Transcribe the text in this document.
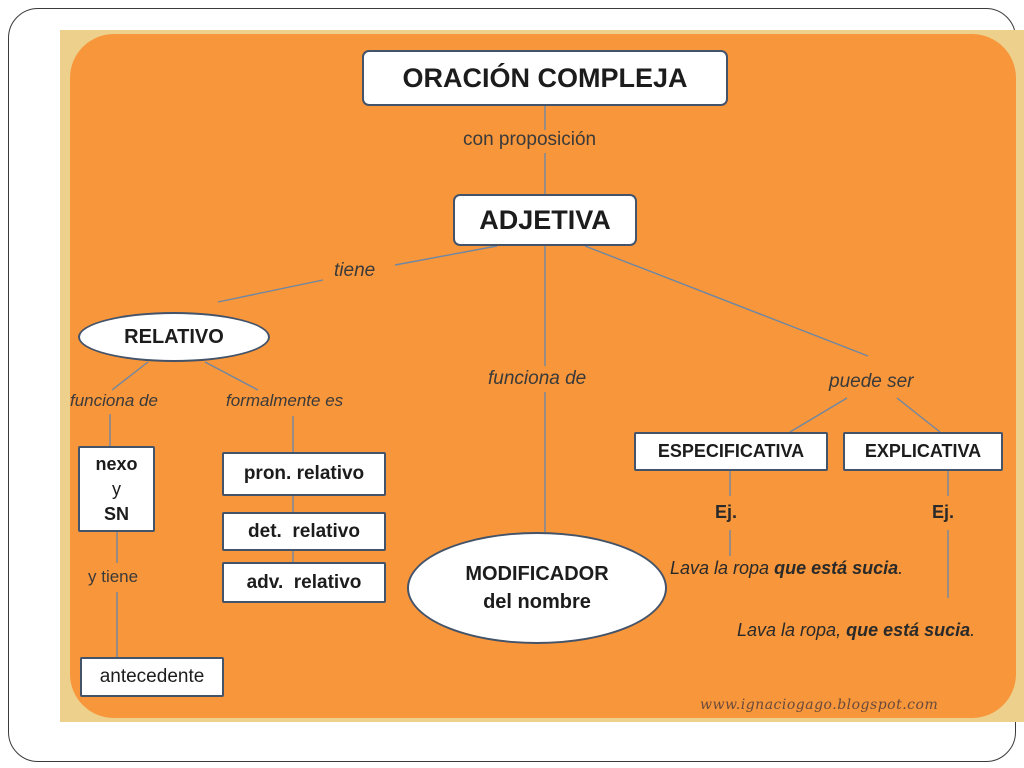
ORACIÓN COMPLEJA
con proposición
ADJETIVA
tiene
funciona de	puede ser
RELATIVO
funciona de	formalmente es
nexo
y
SN
y tiene
antecedente
pron. relativo
det.  relativo
adv.  relativo	MODIFICADOR
del nombre
ESPECIFICATIVA	EXPLICATIVA
Ej.	Ej.
Lava la ropa que está sucia.
Lava la ropa, que está sucia.
www.ignaciogago.blogspot.com
